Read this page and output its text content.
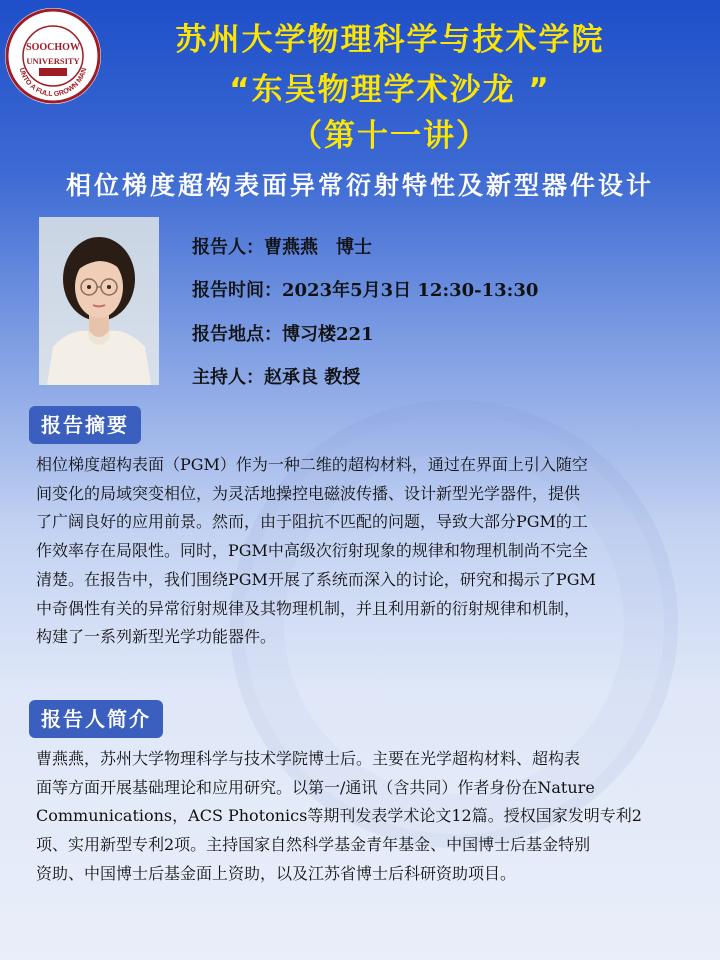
UNTO A FULL GROWN MAN
SOOCHOW
UNIVERSITY
苏州大学物理科学与技术学院
“东吴物理学术沙龙 ”
（第十一讲）
相位梯度超构表面异常衍射特性及新型器件设计
报告人：曹燕燕　博士
报告时间：2023年5月3日 12:30-13:30
报告地点：博习楼221
主持人：赵承良 教授
报告摘要
相位梯度超构表面（PGM）作为一种二维的超构材料，通过在界面上引入随空
间变化的局域突变相位，为灵活地操控电磁波传播、设计新型光学器件，提供
了广阔良好的应用前景。然而，由于阻抗不匹配的问题，导致大部分PGM的工
作效率存在局限性。同时，PGM中高级次衍射现象的规律和物理机制尚不完全
清楚。在报告中，我们围绕PGM开展了系统而深入的讨论，研究和揭示了PGM
中奇偶性有关的异常衍射规律及其物理机制，并且利用新的衍射规律和机制，
构建了一系列新型光学功能器件。
报告人简介
曹燕燕，苏州大学物理科学与技术学院博士后。主要在光学超构材料、超构表
面等方面开展基础理论和应用研究。以第一/通讯（含共同）作者身份在Nature
Communications，ACS Photonics等期刊发表学术论文12篇。授权国家发明专利2
项、实用新型专利2项。主持国家自然科学基金青年基金、中国博士后基金特别
资助、中国博士后基金面上资助，以及江苏省博士后科研资助项目。
